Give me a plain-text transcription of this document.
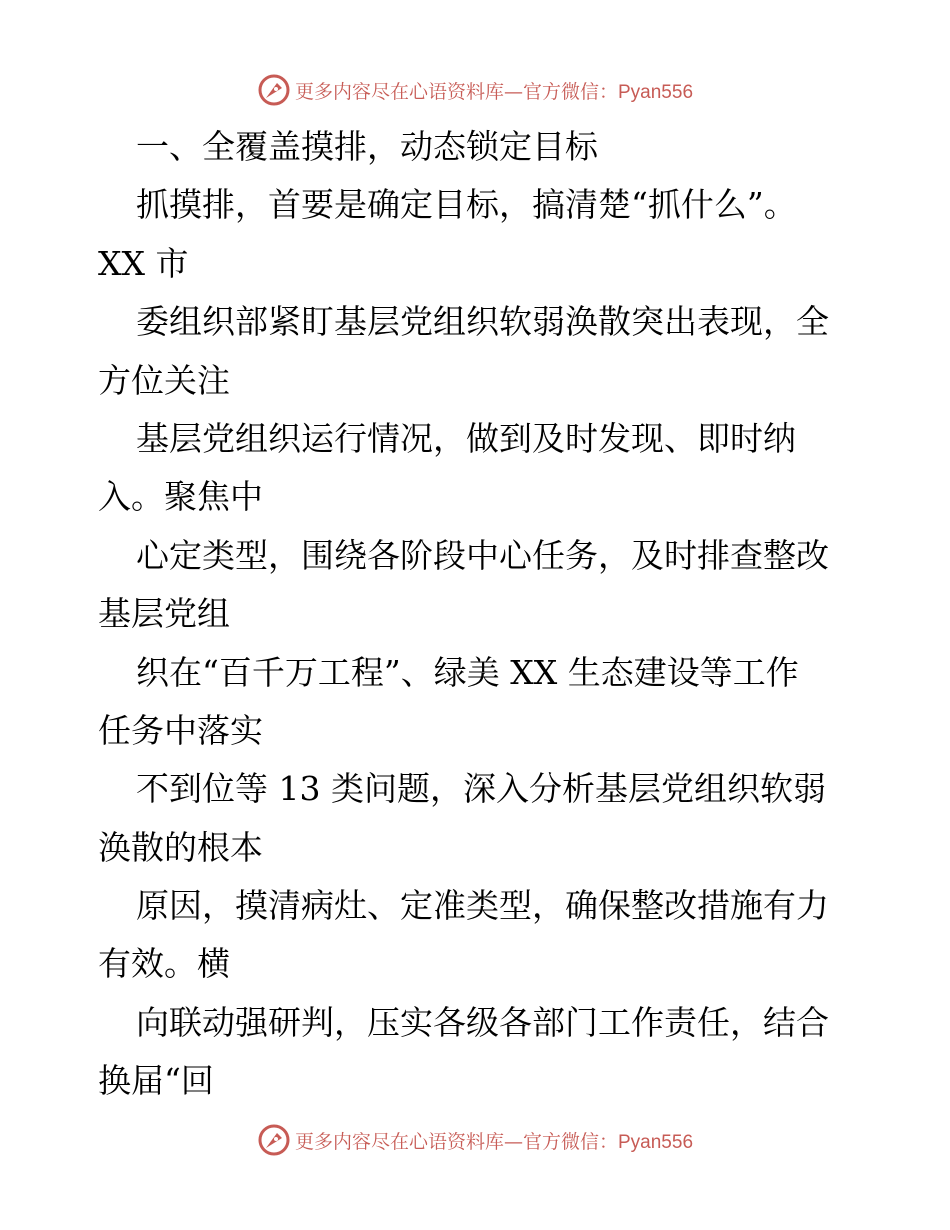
更多内容尽在心语资料库—官方微信：Pyan556
一、全覆盖摸排，动态锁定目标
抓摸排，首要是确定目标，搞清楚“抓什么”。
XX 市
委组织部紧盯基层党组织软弱涣散突出表现，全
方位关注
基层党组织运行情况，做到及时发现、即时纳
入。聚焦中
心定类型，围绕各阶段中心任务，及时排查整改
基层党组
织在“百千万工程”、绿美 XX 生态建设等工作
任务中落实
不到位等 13 类问题，深入分析基层党组织软弱
涣散的根本
原因，摸清病灶、定准类型，确保整改措施有力
有效。横
向联动强研判，压实各级各部门工作责任，结合
换届“回
更多内容尽在心语资料库—官方微信：Pyan556
